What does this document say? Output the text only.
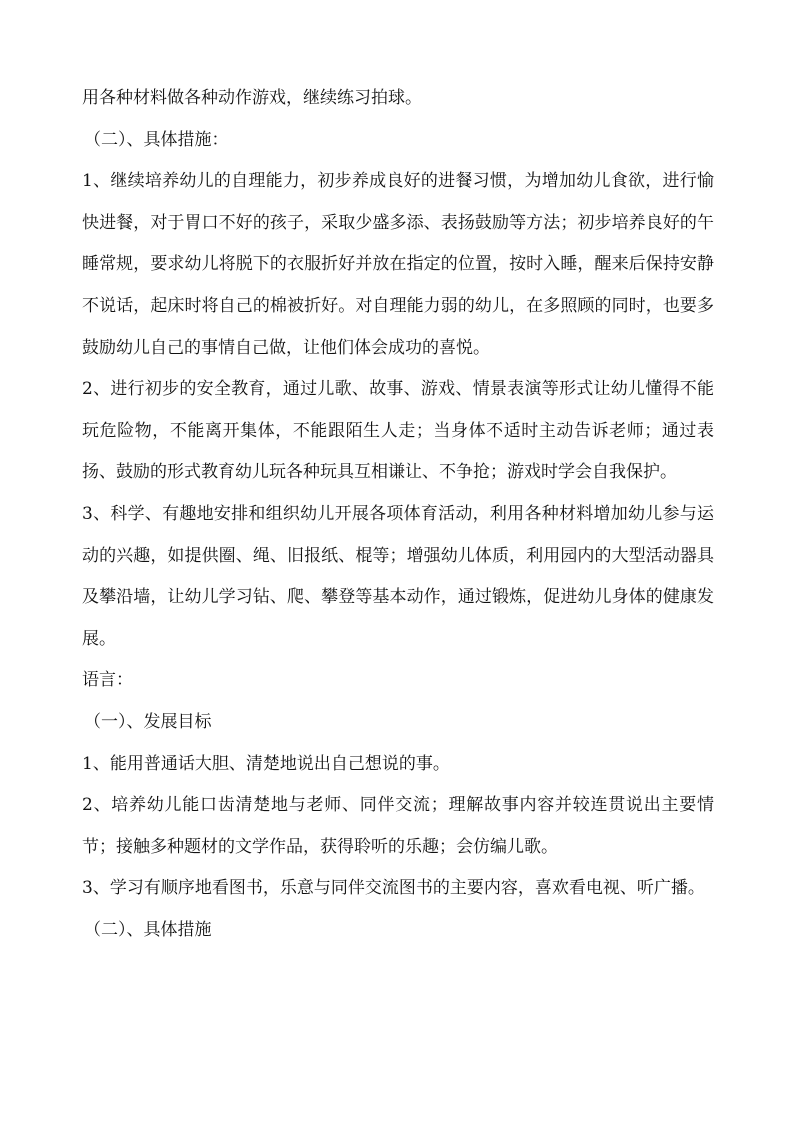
用各种材料做各种动作游戏，继续练习拍球。

（二）、具体措施：

1、继续培养幼儿的自理能力，初步养成良好的进餐习惯，为增加幼儿食欲，进行愉快进餐，对于胃口不好的孩子，采取少盛多添、表扬鼓励等方法；初步培养良好的午睡常规，要求幼儿将脱下的衣服折好并放在指定的位置，按时入睡，醒来后保持安静不说话，起床时将自己的棉被折好。对自理能力弱的幼儿，在多照顾的同时，也要多鼓励幼儿自己的事情自己做，让他们体会成功的喜悦。

2、进行初步的安全教育，通过儿歌、故事、游戏、情景表演等形式让幼儿懂得不能玩危险物，不能离开集体，不能跟陌生人走；当身体不适时主动告诉老师；通过表扬、鼓励的形式教育幼儿玩各种玩具互相谦让、不争抢；游戏时学会自我保护。

3、科学、有趣地安排和组织幼儿开展各项体育活动，利用各种材料增加幼儿参与运动的兴趣，如提供圈、绳、旧报纸、棍等；增强幼儿体质，利用园内的大型活动器具及攀沿墙，让幼儿学习钻、爬、攀登等基本动作，通过锻炼，促进幼儿身体的健康发展。

语言：

（一）、发展目标

1、能用普通话大胆、清楚地说出自己想说的事。

2、培养幼儿能口齿清楚地与老师、同伴交流；理解故事内容并较连贯说出主要情节；接触多种题材的文学作品，获得聆听的乐趣；会仿编儿歌。

3、学习有顺序地看图书，乐意与同伴交流图书的主要内容，喜欢看电视、听广播。

（二）、具体措施
